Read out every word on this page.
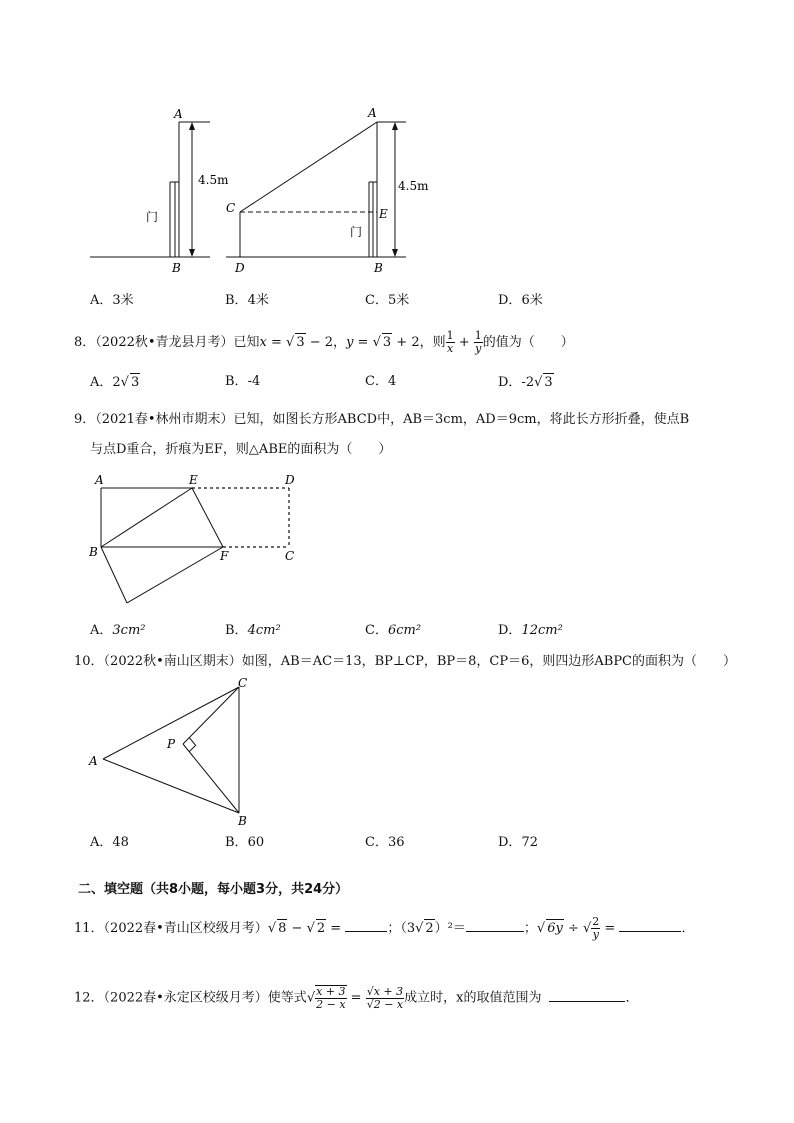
A
B
4.5m
门
A
B
C
D
E
4.5m
门
A．3米	B．4米	C．5米	D．6米
8．（2022秋•青龙县月考）已知x = √ 3 − 2，y = √ 3 + 2，则 $\frac{1}{x} + \frac{1}{y}$ 的值为（　　）
A．2√ 3	B．-4	C．4	D．-2√ 3
9．（2021春•林州市期末）已知，如图长方形ABCD中，AB＝3cm，AD＝9cm，将此长方形折叠，使点B
与点D重合，折痕为EF，则△ABE的面积为（　　）
A	E	D
B	F	C
A．3cm²	B．4cm²	C．6cm²	D．12cm²
10．（2022秋•南山区期末）如图，AB＝AC＝13，BP⊥CP，BP＝8，CP＝6，则四边形ABPC的面积为（　　）
A
C
P
B
A．48	B．60	C．36	D．72
二、填空题（共8小题，每小题3分，共24分）
11．（2022春•青山区校级月考）√ 8 − √ 2 =	；（3√ 2）²＝	；√ 6y ÷ √ $\frac{2}{y}$ =	．
12．（2022春•永定区校级月考）使等式√ $\frac{x + 3}{2 - x} = \frac{√x + 3}{√2 - x}$ 成立时，x的取值范围为	．
